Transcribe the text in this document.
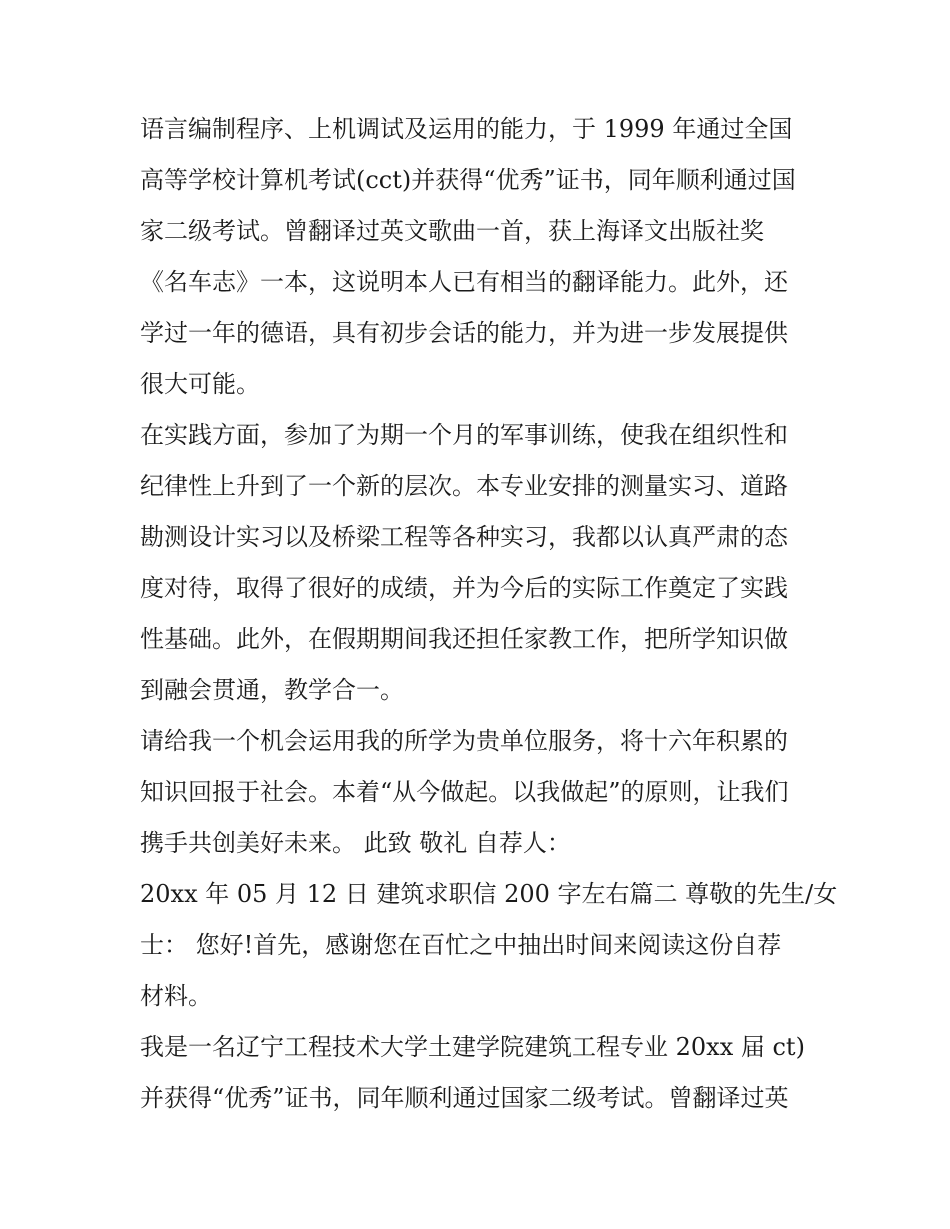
语言编制程序、上机调试及运用的能力，于 1999 年通过全国
高等学校计算机考试(cct)并获得“优秀”证书，同年顺利通过国
家二级考试。曾翻译过英文歌曲一首，获上海译文出版社奖
《名车志》一本，这说明本人已有相当的翻译能力。此外，还
学过一年的德语，具有初步会话的能力，并为进一步发展提供
很大可能。
在实践方面，参加了为期一个月的军事训练，使我在组织性和
纪律性上升到了一个新的层次。本专业安排的测量实习、道路
勘测设计实习以及桥梁工程等各种实习，我都以认真严肃的态
度对待，取得了很好的成绩，并为今后的实际工作奠定了实践
性基础。此外，在假期期间我还担任家教工作，把所学知识做
到融会贯通，教学合一。
请给我一个机会运用我的所学为贵单位服务，将十六年积累的
知识回报于社会。本着“从今做起。以我做起”的原则，让我们
携手共创美好未来。 此致 敬礼 自荐人：
20xx 年 05 月 12 日 建筑求职信 200 字左右篇二 尊敬的先生/女
士： 您好!首先，感谢您在百忙之中抽出时间来阅读这份自荐
材料。
我是一名辽宁工程技术大学土建学院建筑工程专业 20xx 届 ct)
并获得“优秀”证书，同年顺利通过国家二级考试。曾翻译过英
